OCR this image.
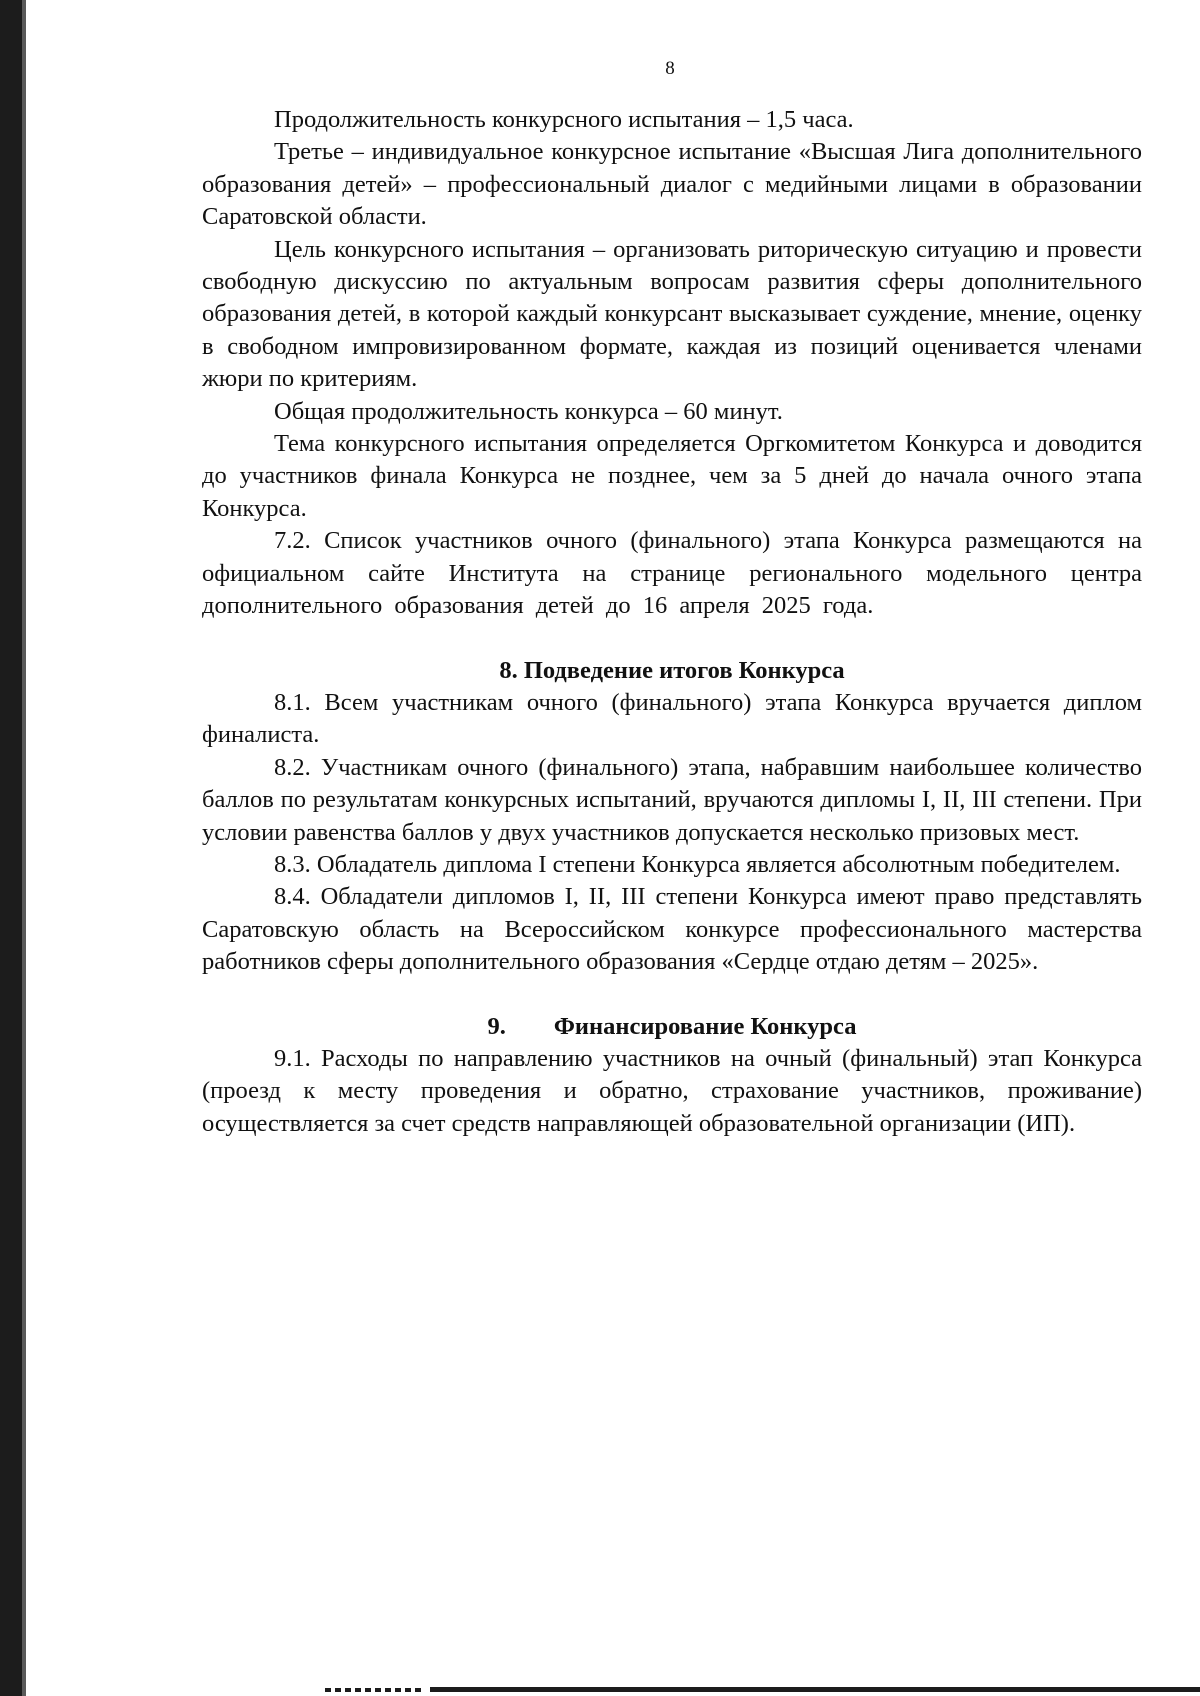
8

Продолжительность конкурсного испытания – 1,5 часа.

Третье – индивидуальное конкурсное испытание «Высшая Лига дополнительного образования детей» – профессиональный диалог с медийными лицами в образовании Саратовской области.

Цель конкурсного испытания – организовать риторическую ситуацию и провести свободную дискуссию по актуальным вопросам развития сферы дополнительного образования детей, в которой каждый конкурсант высказывает суждение, мнение, оценку в свободном импровизированном формате, каждая из позиций оценивается членами жюри по критериям.

Общая продолжительность конкурса – 60 минут.

Тема конкурсного испытания определяется Оргкомитетом Конкурса и доводится до участников финала Конкурса не позднее, чем за 5 дней до начала очного этапа Конкурса.

7.2. Список участников очного (финального) этапа Конкурса размещаются на официальном сайте Института на странице регионального модельного центра дополнительного образования детей до 16 апреля 2025 года.

8. Подведение итогов Конкурса

8.1. Всем участникам очного (финального) этапа Конкурса вручается диплом финалиста.

8.2. Участникам очного (финального) этапа, набравшим наибольшее количество баллов по результатам конкурсных испытаний, вручаются дипломы I, II, III степени. При условии равенства баллов у двух участников допускается несколько призовых мест.

8.3. Обладатель диплома I степени Конкурса является абсолютным победителем.

8.4. Обладатели дипломов I, II, III степени Конкурса имеют право представлять Саратовскую область на Всероссийском конкурсе профессионального мастерства работников сферы дополнительного образования «Сердце отдаю детям – 2025».

9. Финансирование Конкурса

9.1. Расходы по направлению участников на очный (финальный) этап Конкурса (проезд к месту проведения и обратно, страхование участников, проживание) осуществляется за счет средств направляющей образовательной организации (ИП).
